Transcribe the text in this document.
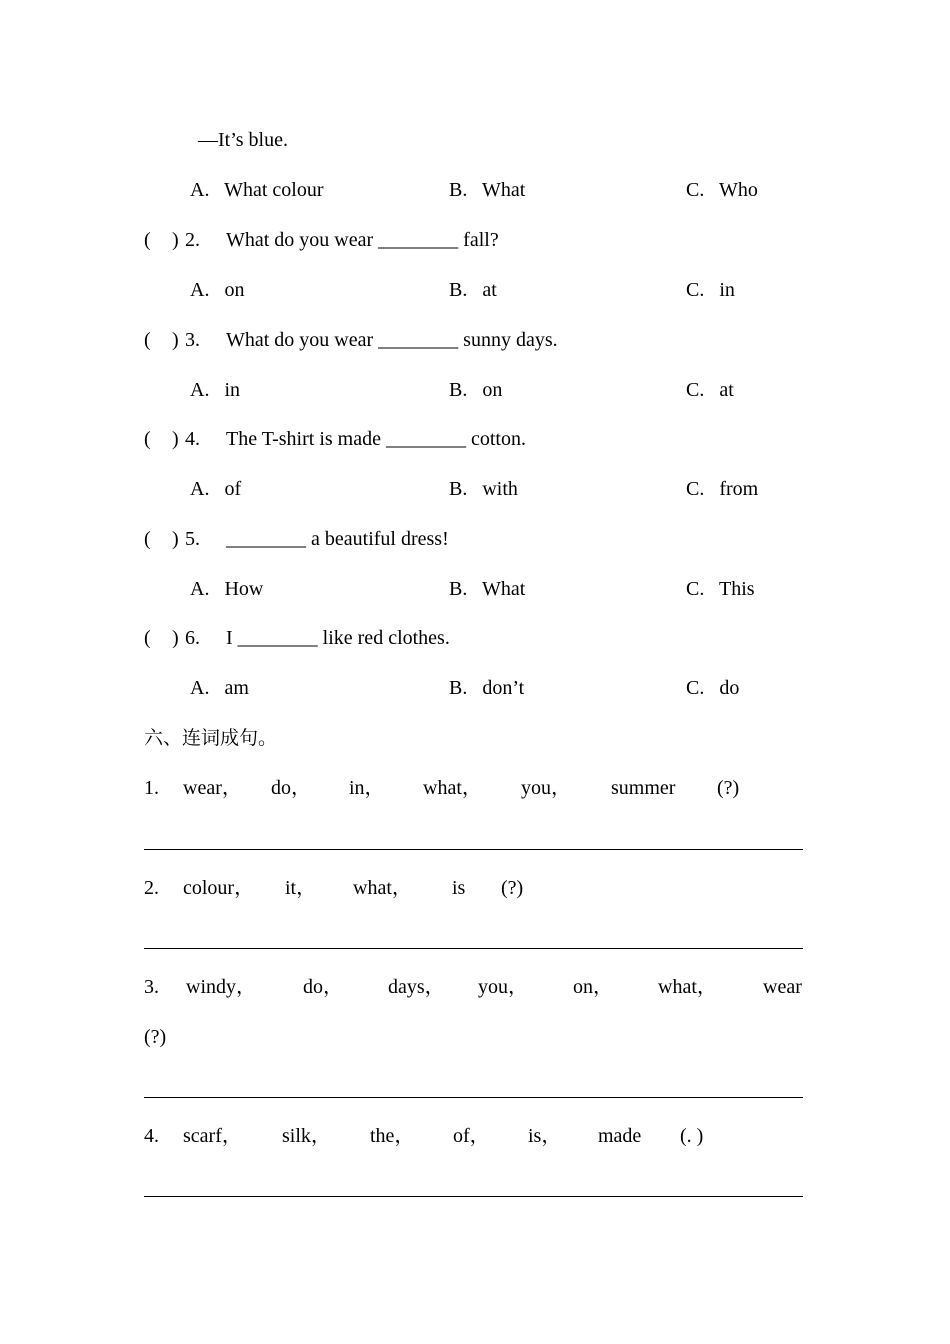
—It’s blue.
A.   What colour	B.   What	C.   Who
( ) 2. What do you wear ________ fall?
A.   on	B.   at	C.   in
( ) 3. What do you wear ________ sunny days.
A.   in	B.   on	C.   at
( ) 4. The T-shirt is made ________ cotton.
A.   of	B.   with	C.   from
( ) 5. ________ a beautiful dress!
A.   How	B.   What	C.   This
( ) 6. I ________ like red clothes.
A.   am	B.   don’t	C.   do
六、连词成句。
1. wear， do， in， what， you， summer (?)
2. colour， it， what， is (?)
3. windy， do， days， you， on， what， wear
(?)
4. scarf， silk， the， of， is， made (. )
